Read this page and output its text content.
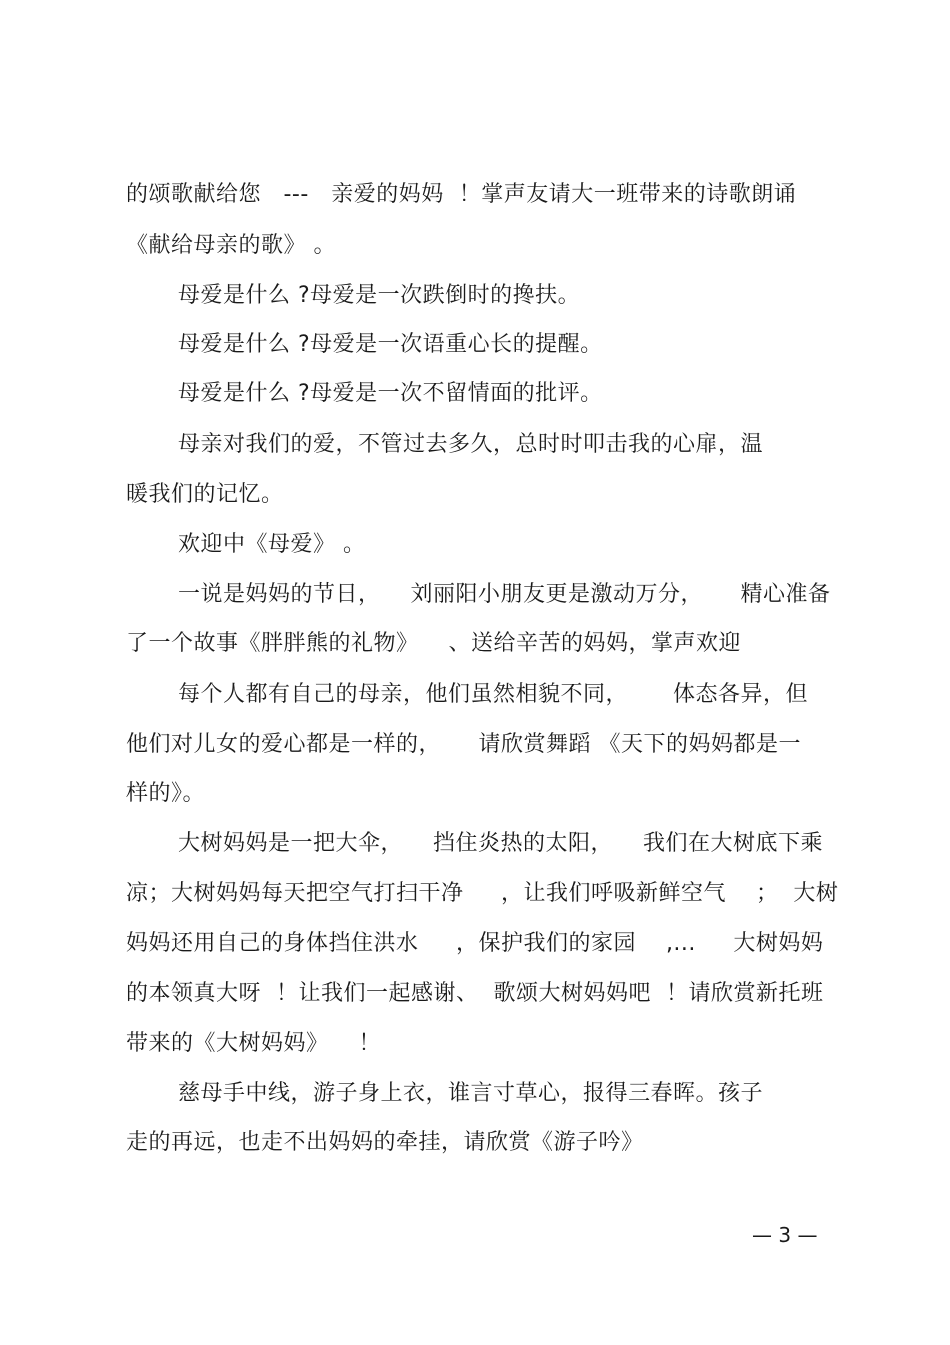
的颂歌献给您   ---   亲爱的妈妈  ！掌声友请大一班带来的诗歌朗诵
《献给母亲的歌》 。
母爱是什么 ?母爱是一次跌倒时的搀扶。
母爱是什么 ?母爱是一次语重心长的提醒。
母爱是什么 ?母爱是一次不留情面的批评。
母亲对我们的爱，不管过去多久，总时时叩击我的心扉，温
暖我们的记忆。
欢迎中《母爱》 。
一说是妈妈的节日，    刘丽阳小朋友更是激动万分，     精心准备
了一个故事《胖胖熊的礼物》    、送给辛苦的妈妈，掌声欢迎
每个人都有自己的母亲，他们虽然相貌不同，      体态各异，但
他们对儿女的爱心都是一样的，     请欣赏舞蹈 《天下的妈妈都是一
样的》。
大树妈妈是一把大伞，    挡住炎热的太阳，    我们在大树底下乘
凉；大树妈妈每天把空气打扫干净     ，让我们呼吸新鲜空气    ；  大树
妈妈还用自己的身体挡住洪水     ，保护我们的家园    ,...     大树妈妈
的本领真大呀  ！让我们一起感谢、  歌颂大树妈妈吧  ！请欣赏新托班
带来的《大树妈妈》    ！
慈母手中线，游子身上衣，谁言寸草心，报得三春晖。孩子
走的再远，也走不出妈妈的牵挂，请欣赏《游子吟》
— 3 —
